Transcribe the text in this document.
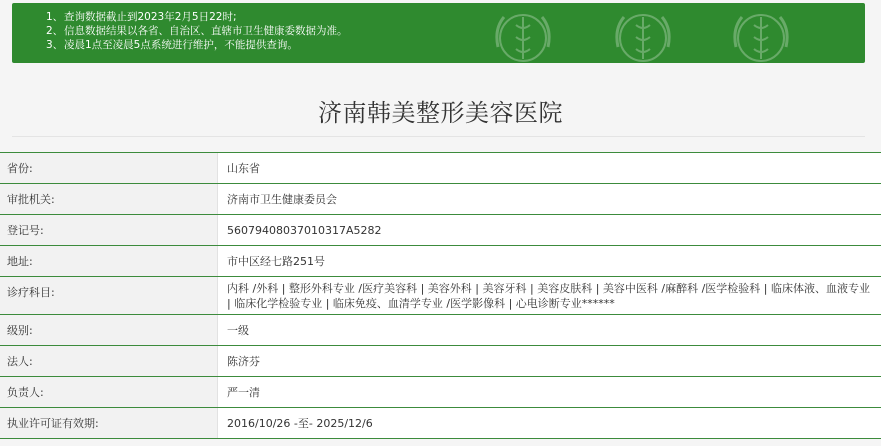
1、查询数据截止到2023年2月5日22时;
2、信息数据结果以各省、自治区、直辖市卫生健康委数据为准。
3、凌晨1点至凌晨5点系统进行维护，不能提供查询。
济南韩美整形美容医院
省份:	山东省
审批机关:	济南市卫生健康委员会
登记号:	56079408037010317A5282
地址:	市中区经七路251号
诊疗科目:	内科 /外科 | 整形外科专业 /医疗美容科 | 美容外科 | 美容牙科 | 美容皮肤科 | 美容中医科 /麻醉科 /医学检验科 | 临床体液、血液专业 | 临床化学检验专业 | 临床免疫、血清学专业 /医学影像科 | 心电诊断专业******
级别:	一级
法人:	陈济芬
负责人:	严一清
执业许可证有效期:	2016/10/26 -至- 2025/12/6
